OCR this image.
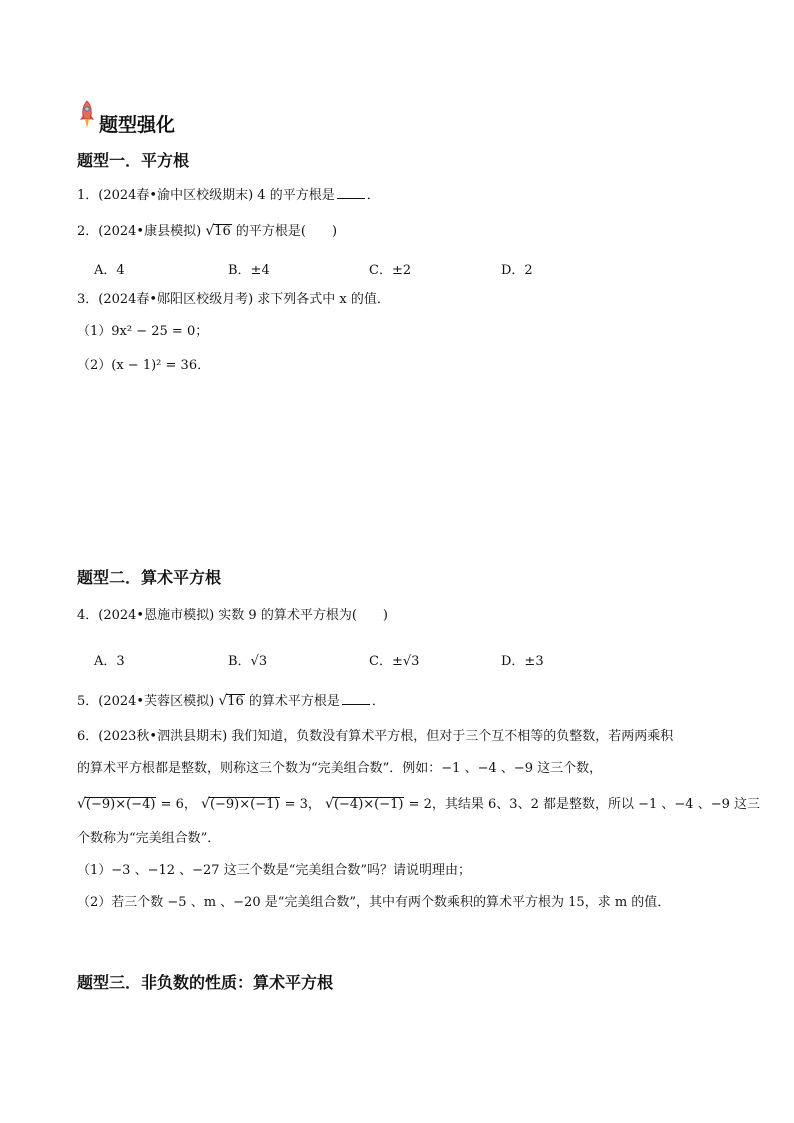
题型强化
题型一．平方根
1．(2024春•渝中区校级期末) 4 的平方根是 ．
2．(2024•康县模拟) √16 的平方根是(　　)
A．4	B．±4	C．±2	D．2
3．(2024春•郧阳区校级月考) 求下列各式中 x 的值．
（1）9x² − 25 = 0；
（2）(x − 1)² = 36．
题型二．算术平方根
4．(2024•恩施市模拟) 实数 9 的算术平方根为(　　)
A．3	B．√3	C．±√3	D．±3
5．(2024•芙蓉区模拟) √16 的算术平方根是 ．
6．(2023秋•泗洪县期末) 我们知道，负数没有算术平方根，但对于三个互不相等的负整数，若两两乘积
的算术平方根都是整数，则称这三个数为“完美组合数”．例如：−1 、−4 、−9 这三个数，
√(−9)×(−4) = 6， √(−9)×(−1) = 3， √(−4)×(−1) = 2，其结果 6、3、2 都是整数，所以 −1 、−4 、−9 这三
个数称为“完美组合数”．
（1）−3 、−12 、−27 这三个数是“完美组合数”吗？请说明理由；
（2）若三个数 −5 、m 、−20 是“完美组合数”，其中有两个数乘积的算术平方根为 15，求 m 的值．
题型三．非负数的性质：算术平方根
